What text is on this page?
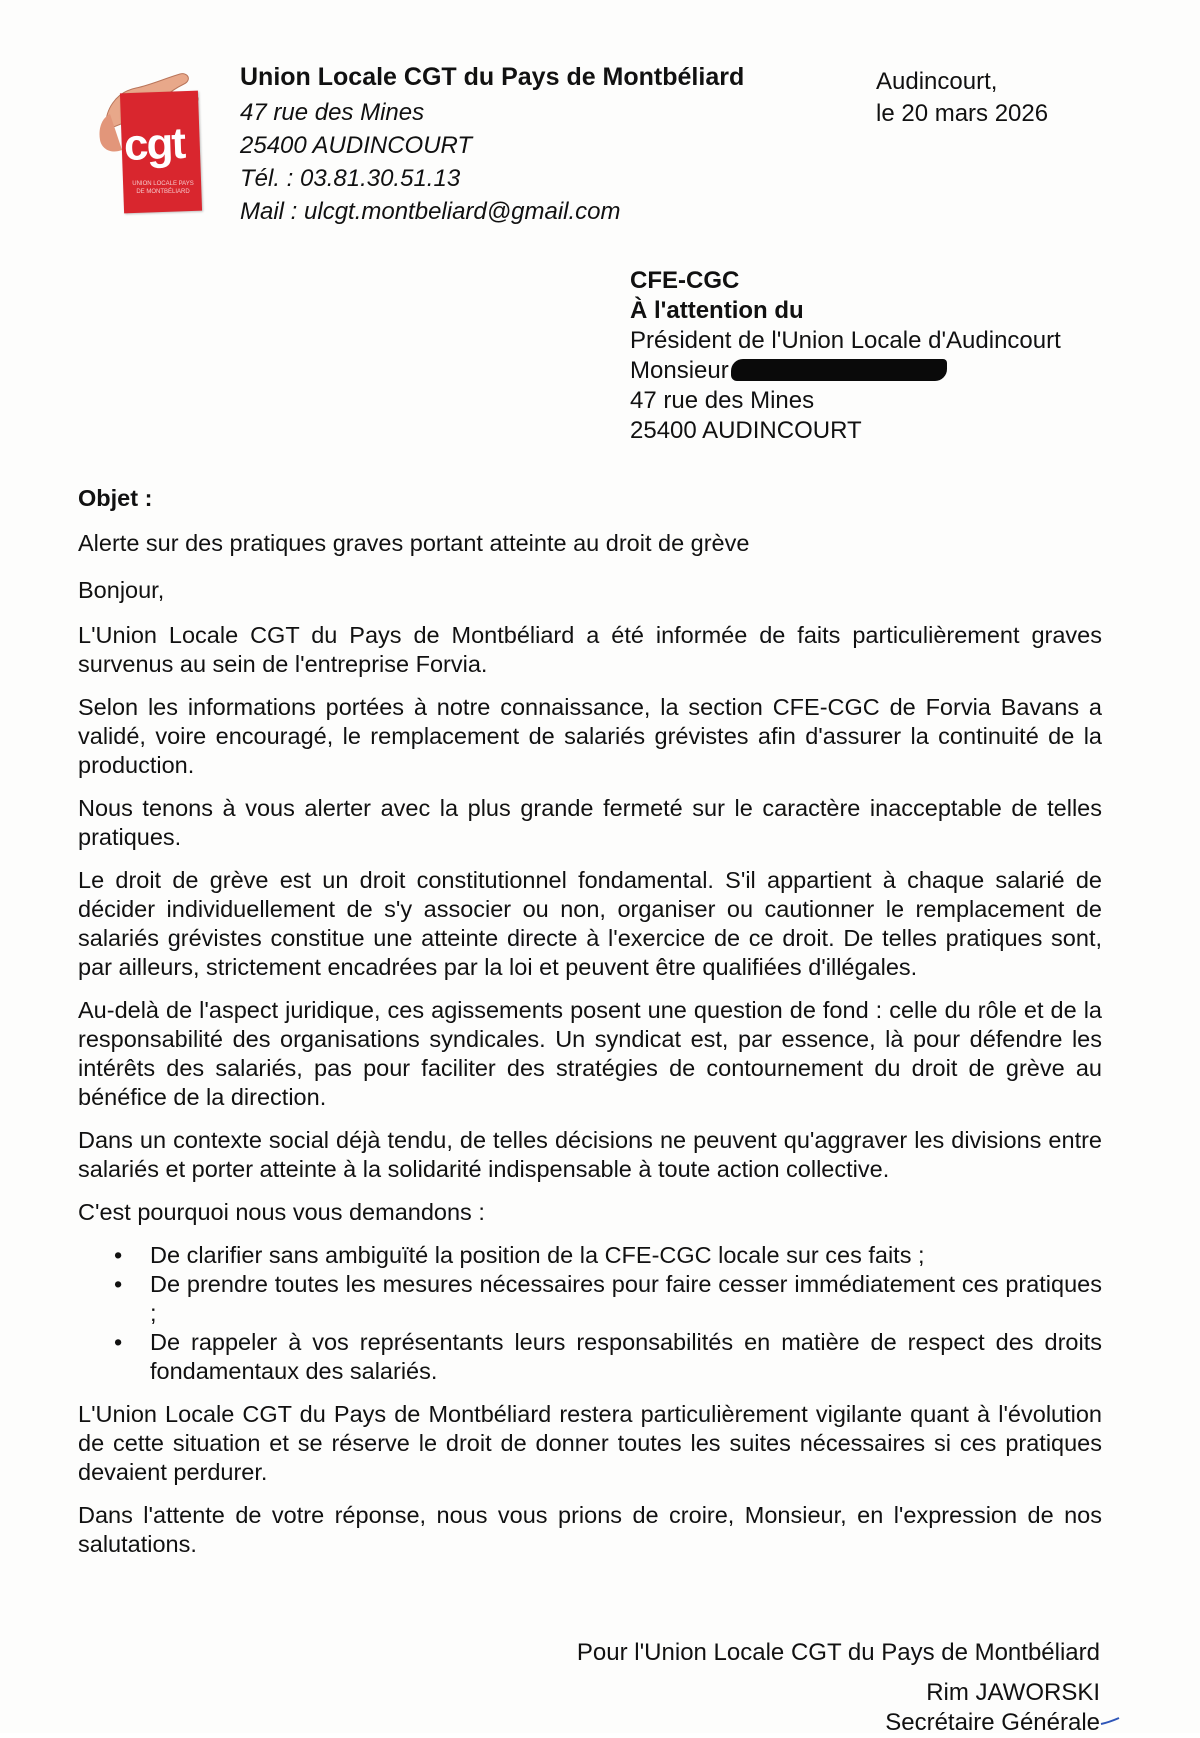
cgt
UNION LOCALE PAYS DE MONTBÉLIARD
Union Locale CGT du Pays de Montbéliard
47 rue des Mines
25400 AUDINCOURT
Tél. : 03.81.30.51.13
Mail : ulcgt.montbeliard@gmail.com
Audincourt,
le 20 mars 2026
CFE-CGC
À l'attention du
Président de l'Union Locale d'Audincourt
Monsieur
47 rue des Mines
25400 AUDINCOURT
Objet :
Alerte sur des pratiques graves portant atteinte au droit de grève
Bonjour,

L'Union Locale CGT du Pays de Montbéliard a été informée de faits particulièrement graves survenus au sein de l'entreprise Forvia.

Selon les informations portées à notre connaissance, la section CFE-CGC de Forvia Bavans a validé, voire encouragé, le remplacement de salariés grévistes afin d'assurer la continuité de la production.

Nous tenons à vous alerter avec la plus grande fermeté sur le caractère inacceptable de telles pratiques.

Le droit de grève est un droit constitutionnel fondamental. S'il appartient à chaque salarié de décider individuellement de s'y associer ou non, organiser ou cautionner le remplacement de salariés grévistes constitue une atteinte directe à l'exercice de ce droit. De telles pratiques sont, par ailleurs, strictement encadrées par la loi et peuvent être qualifiées d'illégales.

Au-delà de l'aspect juridique, ces agissements posent une question de fond : celle du rôle et de la responsabilité des organisations syndicales. Un syndicat est, par essence, là pour défendre les intérêts des salariés, pas pour faciliter des stratégies de contournement du droit de grève au bénéfice de la direction.

Dans un contexte social déjà tendu, de telles décisions ne peuvent qu'aggraver les divisions entre salariés et porter atteinte à la solidarité indispensable à toute action collective.

C'est pourquoi nous vous demandons :

• De clarifier sans ambiguïté la position de la CFE-CGC locale sur ces faits ;
• De prendre toutes les mesures nécessaires pour faire cesser immédiatement ces pratiques ;
• De rappeler à vos représentants leurs responsabilités en matière de respect des droits fondamentaux des salariés.

L'Union Locale CGT du Pays de Montbéliard restera particulièrement vigilante quant à l'évolution de cette situation et se réserve le droit de donner toutes les suites nécessaires si ces pratiques devaient perdurer.

Dans l'attente de votre réponse, nous vous prions de croire, Monsieur, en l'expression de nos salutations.

Pour l'Union Locale CGT du Pays de Montbéliard
Rim JAWORSKI
Secrétaire Générale
